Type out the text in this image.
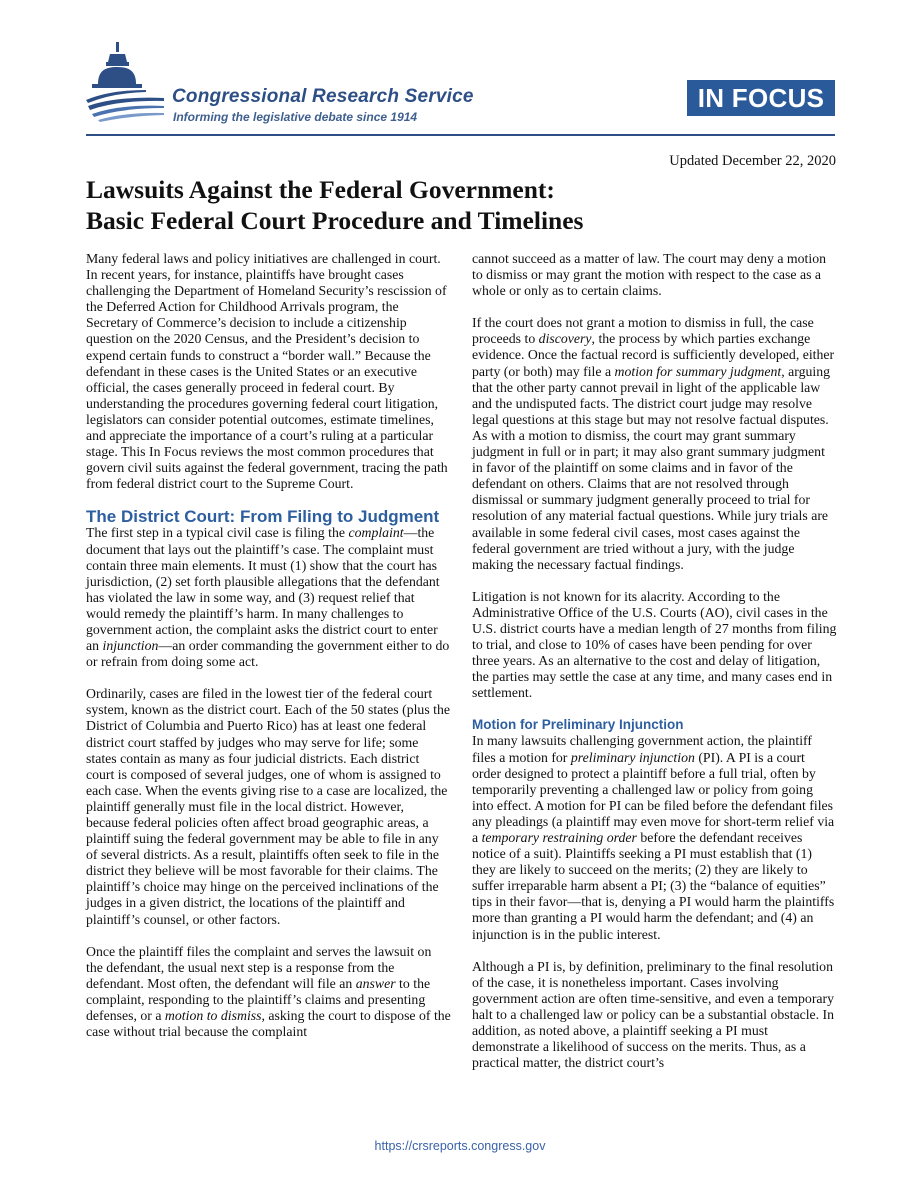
Congressional Research Service
Informing the legislative debate since 1914
IN FOCUS
Updated December 22, 2020
Lawsuits Against the Federal Government:
Basic Federal Court Procedure and Timelines

Many federal laws and policy initiatives are challenged in court. In recent years, for instance, plaintiffs have brought cases challenging the Department of Homeland Security’s rescission of the Deferred Action for Childhood Arrivals program, the Secretary of Commerce’s decision to include a citizenship question on the 2020 Census, and the President’s decision to expend certain funds to construct a “border wall.” Because the defendant in these cases is the United States or an executive official, the cases generally proceed in federal court. By understanding the procedures governing federal court litigation, legislators can consider potential outcomes, estimate timelines, and appreciate the importance of a court’s ruling at a particular stage. This In Focus reviews the most common procedures that govern civil suits against the federal government, tracing the path from federal district court to the Supreme Court.

The District Court: From Filing to Judgment

The first step in a typical civil case is filing the complaint—the document that lays out the plaintiff’s case. The complaint must contain three main elements. It must (1) show that the court has jurisdiction, (2) set forth plausible allegations that the defendant has violated the law in some way, and (3) request relief that would remedy the plaintiff’s harm. In many challenges to government action, the complaint asks the district court to enter an injunction—an order commanding the government either to do or refrain from doing some act.

Ordinarily, cases are filed in the lowest tier of the federal court system, known as the district court. Each of the 50 states (plus the District of Columbia and Puerto Rico) has at least one federal district court staffed by judges who may serve for life; some states contain as many as four judicial districts. Each district court is composed of several judges, one of whom is assigned to each case. When the events giving rise to a case are localized, the plaintiff generally must file in the local district. However, because federal policies often affect broad geographic areas, a plaintiff suing the federal government may be able to file in any of several districts. As a result, plaintiffs often seek to file in the district they believe will be most favorable for their claims. The plaintiff’s choice may hinge on the perceived inclinations of the judges in a given district, the locations of the plaintiff and plaintiff’s counsel, or other factors.

Once the plaintiff files the complaint and serves the lawsuit on the defendant, the usual next step is a response from the defendant. Most often, the defendant will file an answer to the complaint, responding to the plaintiff’s claims and presenting defenses, or a motion to dismiss, asking the court to dispose of the case without trial because the complaint

cannot succeed as a matter of law. The court may deny a motion to dismiss or may grant the motion with respect to the case as a whole or only as to certain claims.

If the court does not grant a motion to dismiss in full, the case proceeds to discovery, the process by which parties exchange evidence. Once the factual record is sufficiently developed, either party (or both) may file a motion for summary judgment, arguing that the other party cannot prevail in light of the applicable law and the undisputed facts. The district court judge may resolve legal questions at this stage but may not resolve factual disputes. As with a motion to dismiss, the court may grant summary judgment in full or in part; it may also grant summary judgment in favor of the plaintiff on some claims and in favor of the defendant on others. Claims that are not resolved through dismissal or summary judgment generally proceed to trial for resolution of any material factual questions. While jury trials are available in some federal civil cases, most cases against the federal government are tried without a jury, with the judge making the necessary factual findings.

Litigation is not known for its alacrity. According to the Administrative Office of the U.S. Courts (AO), civil cases in the U.S. district courts have a median length of 27 months from filing to trial, and close to 10% of cases have been pending for over three years. As an alternative to the cost and delay of litigation, the parties may settle the case at any time, and many cases end in settlement.

Motion for Preliminary Injunction

In many lawsuits challenging government action, the plaintiff files a motion for preliminary injunction (PI). A PI is a court order designed to protect a plaintiff before a full trial, often by temporarily preventing a challenged law or policy from going into effect. A motion for PI can be filed before the defendant files any pleadings (a plaintiff may even move for short-term relief via a temporary restraining order before the defendant receives notice of a suit). Plaintiffs seeking a PI must establish that (1) they are likely to succeed on the merits; (2) they are likely to suffer irreparable harm absent a PI; (3) the “balance of equities” tips in their favor—that is, denying a PI would harm the plaintiffs more than granting a PI would harm the defendant; and (4) an injunction is in the public interest.

Although a PI is, by definition, preliminary to the final resolution of the case, it is nonetheless important. Cases involving government action are often time-sensitive, and even a temporary halt to a challenged law or policy can be a substantial obstacle. In addition, as noted above, a plaintiff seeking a PI must demonstrate a likelihood of success on the merits. Thus, as a practical matter, the district court’s

https://crsreports.congress.gov
